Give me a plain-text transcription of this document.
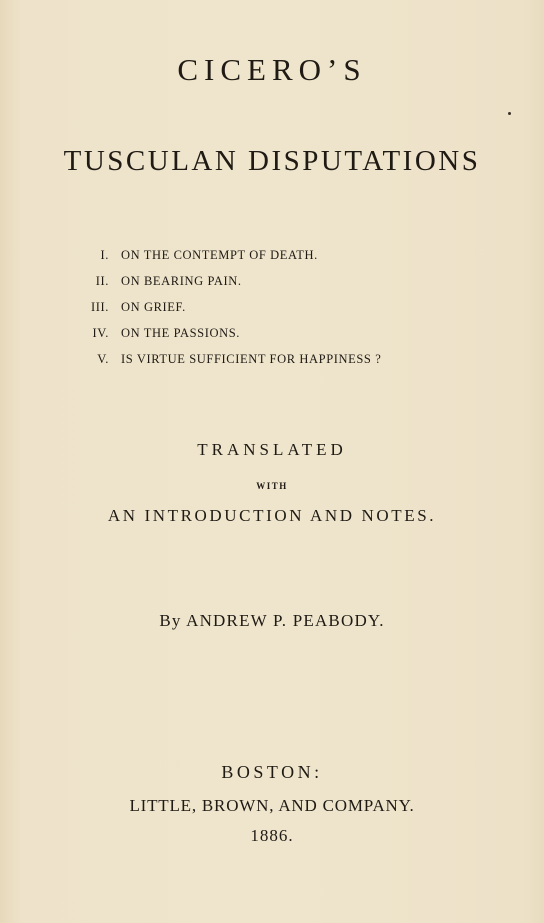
CICERO’S
TUSCULAN DISPUTATIONS
I. ON THE CONTEMPT OF DEATH.
II. ON BEARING PAIN.
III. ON GRIEF.
IV. ON THE PASSIONS.
V. IS VIRTUE SUFFICIENT FOR HAPPINESS ?
TRANSLATED
WITH
AN INTRODUCTION AND NOTES.
By ANDREW P. PEABODY.
BOSTON:
LITTLE, BROWN, AND COMPANY.
1886.
